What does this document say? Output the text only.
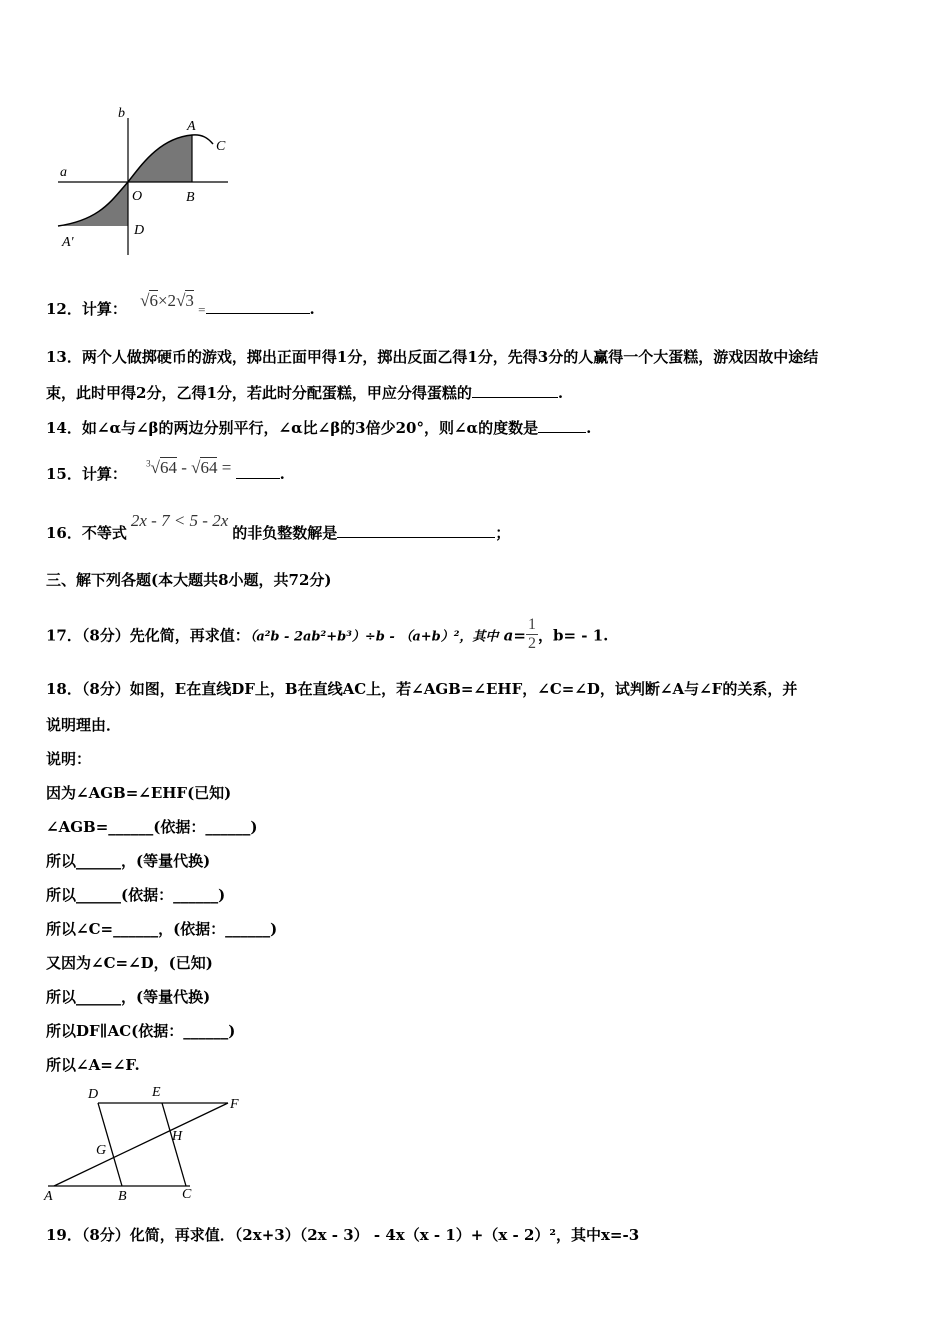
b
A
C
a
O	B
D
A'
12．计算： √6×2√3 =	.
13．两个人做掷硬币的游戏，掷出正面甲得1分，掷出反面乙得1分，先得3分的人赢得一个大蛋糕，游戏因故中途结
束，此时甲得2分，乙得1分，若此时分配蛋糕，甲应分得蛋糕的	.
14．如∠α与∠β的两边分别平行，∠α比∠β的3倍少20°，则∠α的度数是	.
15．计算： $^3$√64 - √64 =	.
16．不等式2x - 7 < 5 - 2x的非负整数解是	；
三、解下列各题(本大题共8小题，共72分)
17．（8分）先化简，再求值：（a²b - 2ab²+b³）÷b - （a+b）²，其中 $a= \frac{1}{2}$ ，b= - 1.
18．（8分）如图，E在直线DF上，B在直线AC上，若∠AGB=∠EHF，∠C=∠D，试判断∠A与∠F的关系，并
说明理由．
说明：
因为∠AGB=∠EHF(已知)
∠AGB=______(依据：______)
所以______，(等量代换)
所以______(依据：______)
所以∠C=______，(依据：______)
又因为∠C=∠D，(已知)
所以______，(等量代换)
所以DF∥AC(依据：______)
所以∠A=∠F.
D	E
F
G
H
A	B	C
19．（8分）化简，再求值．（2x+3）（2x - 3） - 4x（x - 1）+（x - 2）²，其中x=-3
